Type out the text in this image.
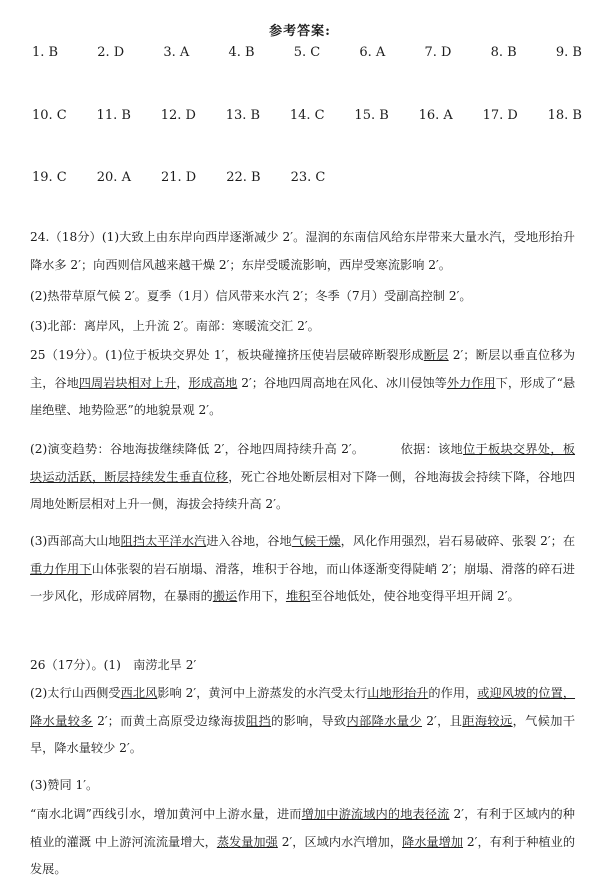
参考答案:
1. B	2. D	3. A	4. B	5. C	6. A	7. D	8. B	9. B
10. C 11. B 12. D 13. B 14. C 15. B 16. A 17. D 18. B
19. C 20. A 21. D 22. B 23. C
24.（18分）(1)大致上由东岸向西岸逐渐减少 2′。湿润的东南信风给东岸带来大量水汽，受地形抬升降水多 2′；向西则信风越来越干燥 2′；东岸受暖流影响，西岸受寒流影响 2′。
(2)热带草原气候 2′。夏季（1月）信风带来水汽 2′；冬季（7月）受副高控制 2′。
(3)北部：离岸风，上升流 2′。南部：寒暖流交汇 2′。
25（19分）。(1)位于板块交界处 1′，板块碰撞挤压使岩层破碎断裂形成断层 2′；断层以垂直位移为主，谷地四周岩块相对上升，形成高地 2′；谷地四周高地在风化、冰川侵蚀等外力作用下，形成了“悬崖绝壁、地势险恶”的地貌景观 2′。
(2)演变趋势：谷地海拔继续降低 2′，谷地四周持续升高 2′。	依据：该地位于板块交界处，板块运动活跃，断层持续发生垂直位移，死亡谷地处断层相对下降一侧，谷地海拔会持续下降，谷地四周地处断层相对上升一侧，海拔会持续升高 2′。
(3)西部高大山地阻挡太平洋水汽进入谷地，谷地气候干燥，风化作用强烈，岩石易破碎、张裂 2′；在重力作用下山体张裂的岩石崩塌、滑落，堆积于谷地，而山体逐渐变得陡峭 2′；崩塌、滑落的碎石进一步风化，形成碎屑物，在暴雨的搬运作用下，堆积至谷地低处，使谷地变得平坦开阔 2′。
26（17分）。(1)　南涝北旱 2′
(2)太行山西侧受西北风影响 2′，黄河中上游蒸发的水汽受太行山地形抬升的作用，或迎风坡的位置，降水量较多 2′；而黄土高原受边缘海拔阻挡的影响，导致内部降水量少 2′，且距海较远，气候加干旱，降水量较少 2′。
(3)赞同 1′。
“南水北调”西线引水，增加黄河中上游水量，进而增加中游流域内的地表径流 2′，有利于区域内的种植业的灌溉 中上游河流流量增大，蒸发量加强 2′，区域内水汽增加，降水量增加 2′，有利于种植业的发展。
